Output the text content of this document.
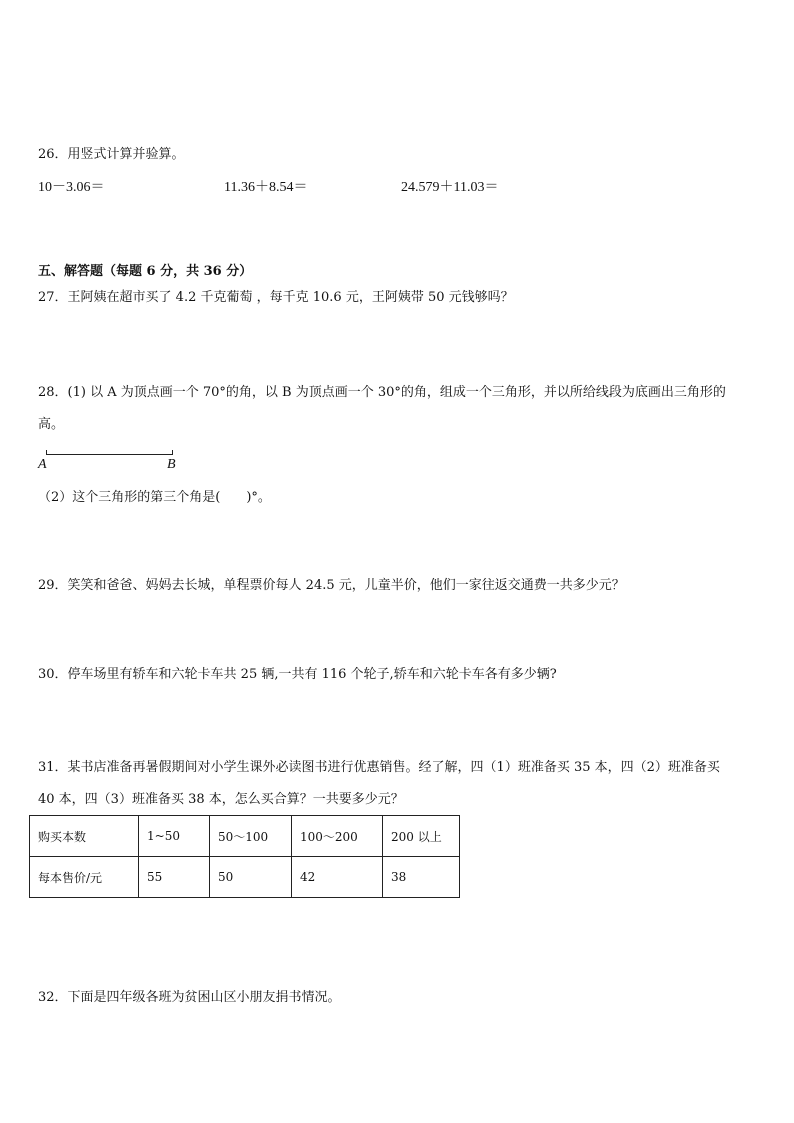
26．用竖式计算并验算。
10－3.06＝	11.36＋8.54＝	24.579＋11.03＝
五、解答题（每题 6 分，共 36 分）
27．王阿姨在超市买了 4.2 千克葡萄 ，每千克 10.6 元，王阿姨带 50 元钱够吗？
28．(1) 以 A 为顶点画一个 70°的角，以 B 为顶点画一个 30°的角，组成一个三角形，并以所给线段为底画出三角形的
高。
A	B
（2）这个三角形的第三个角是(　　)°。
29．笑笑和爸爸、妈妈去长城，单程票价每人 24.5 元，儿童半价，他们一家往返交通费一共多少元？
30．停车场里有轿车和六轮卡车共 25 辆,一共有 116 个轮子,轿车和六轮卡车各有多少辆?
31．某书店准备再暑假期间对小学生课外必读图书进行优惠销售。经了解，四（1）班准备买 35 本，四（2）班准备买
40 本，四（3）班准备买 38 本，怎么买合算？一共要多少元？
购买本数	1~50	50～100	100～200	200 以上
每本售价/元	55	50	42	38
32．下面是四年级各班为贫困山区小朋友捐书情况。
